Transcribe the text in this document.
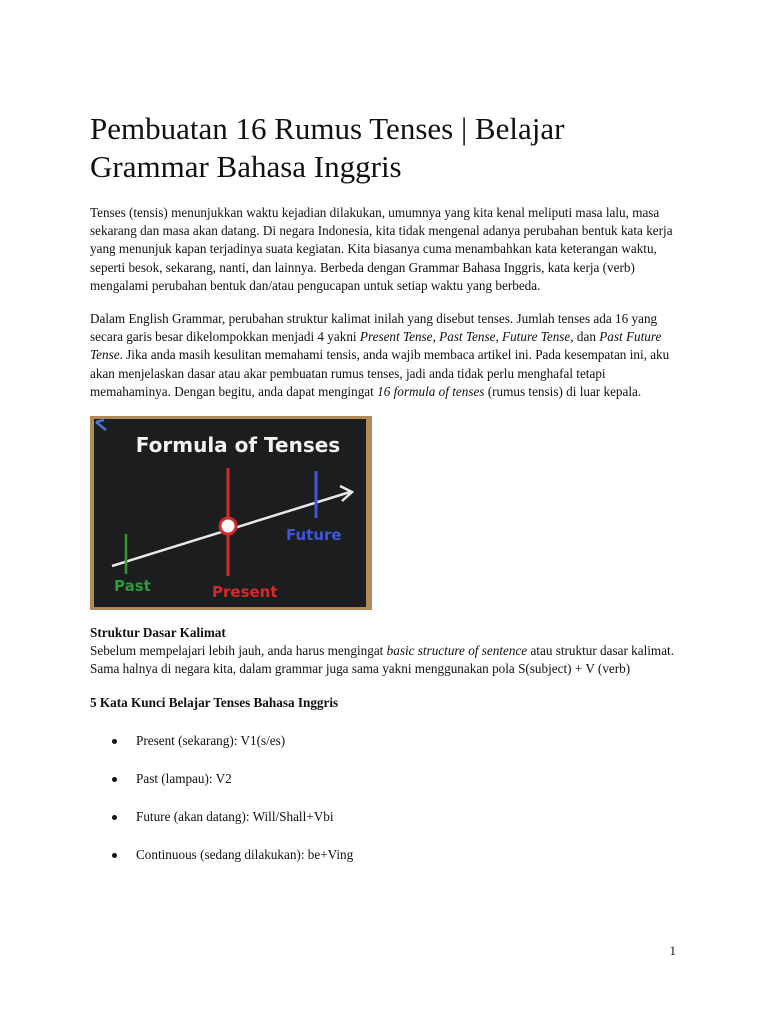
Pembuatan 16 Rumus Tenses | Belajar Grammar Bahasa Inggris

Tenses (tensis) menunjukkan waktu kejadian dilakukan, umumnya yang kita kenal meliputi masa lalu, masa sekarang dan masa akan datang. Di negara Indonesia, kita tidak mengenal adanya perubahan bentuk kata kerja yang menunjuk kapan terjadinya suata kegiatan. Kita biasanya cuma menambahkan kata keterangan waktu, seperti besok, sekarang, nanti, dan lainnya. Berbeda dengan Grammar Bahasa Inggris, kata kerja (verb) mengalami perubahan bentuk dan/atau pengucapan untuk setiap waktu yang berbeda.

Dalam English Grammar, perubahan struktur kalimat inilah yang disebut tenses. Jumlah tenses ada 16 yang secara garis besar dikelompokkan menjadi 4 yakni Present Tense, Past Tense, Future Tense, dan Past Future Tense. Jika anda masih kesulitan memahami tensis, anda wajib membaca artikel ini. Pada kesempatan ini, aku akan menjelaskan dasar atau akar pembuatan rumus tenses, jadi anda tidak perlu menghafal tetapi memahaminya. Dengan begitu, anda dapat mengingat 16 formula of tenses (rumus tensis) di luar kepala.

Formula of Tenses
Past	Present
Future

Struktur Dasar Kalimat
Sebelum mempelajari lebih jauh, anda harus mengingat basic structure of sentence atau struktur dasar kalimat. Sama halnya di negara kita, dalam grammar juga sama yakni menggunakan pola S(subject) + V (verb)

5 Kata Kunci Belajar Tenses Bahasa Inggris
Present (sekarang): V1(s/es)
Past (lampau): V2
Future (akan datang): Will/Shall+Vbi
Continuous (sedang dilakukan): be+Ving
1
